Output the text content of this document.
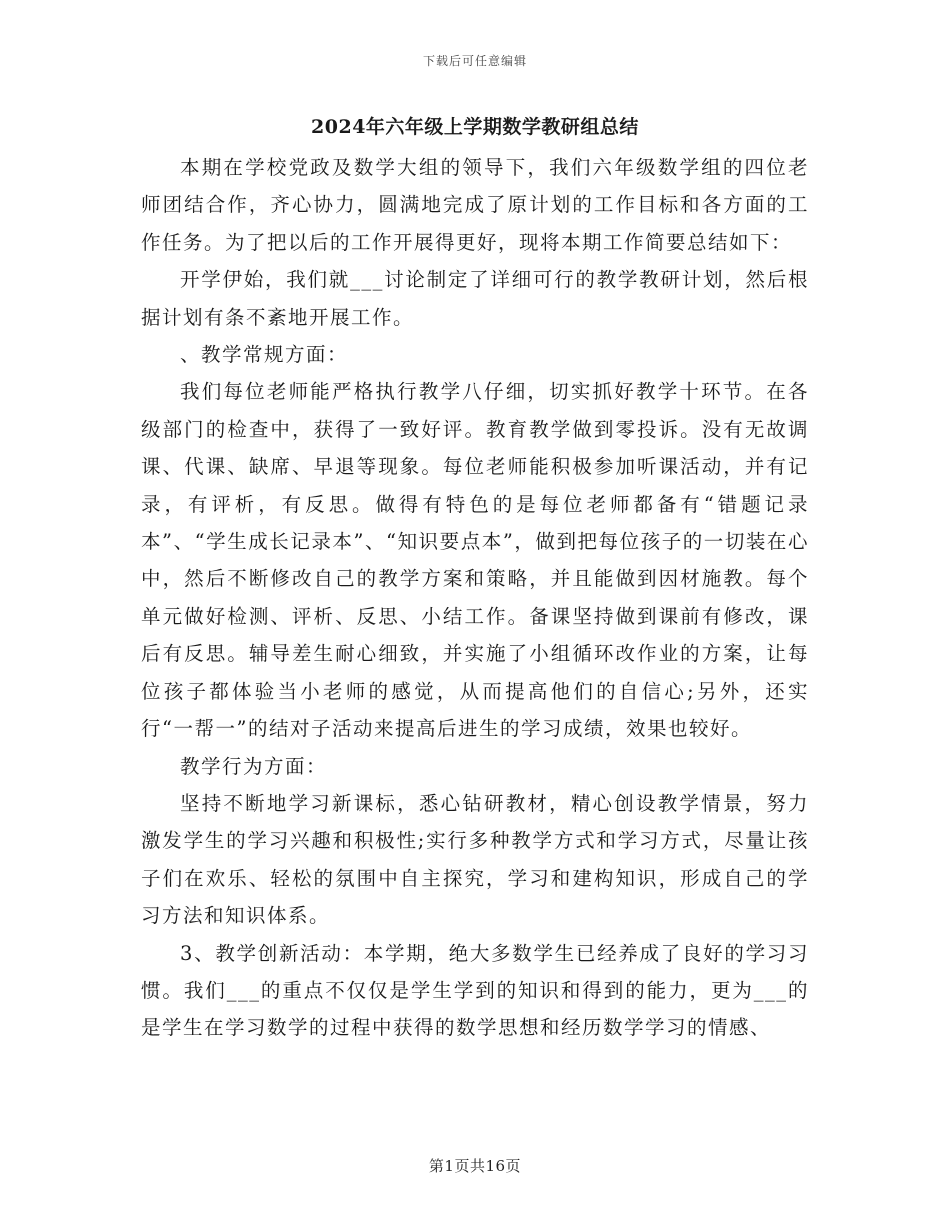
下载后可任意编辑
2024年六年级上学期数学教研组总结

本期在学校党政及数学大组的领导下，我们六年级数学组的四位老师团结合作，齐心协力，圆满地完成了原计划的工作目标和各方面的工作任务。为了把以后的工作开展得更好，现将本期工作简要总结如下：

开学伊始，我们就___讨论制定了详细可行的教学教研计划，然后根据计划有条不紊地开展工作。

、教学常规方面：

我们每位老师能严格执行教学八仔细，切实抓好教学十环节。在各级部门的检查中，获得了一致好评。教育教学做到零投诉。没有无故调课、代课、缺席、早退等现象。每位老师能积极参加听课活动，并有记录，有评析，有反思。做得有特色的是每位老师都备有“错题记录本”、“学生成长记录本”、“知识要点本”，做到把每位孩子的一切装在心中，然后不断修改自己的教学方案和策略，并且能做到因材施教。每个单元做好检测、评析、反思、小结工作。备课坚持做到课前有修改，课后有反思。辅导差生耐心细致，并实施了小组循环改作业的方案，让每位孩子都体验当小老师的感觉，从而提高他们的自信心;另外，还实行“一帮一”的结对子活动来提高后进生的学习成绩，效果也较好。

教学行为方面：

坚持不断地学习新课标，悉心钻研教材，精心创设教学情景，努力激发学生的学习兴趣和积极性;实行多种教学方式和学习方式，尽量让孩子们在欢乐、轻松的氛围中自主探究，学习和建构知识，形成自己的学习方法和知识体系。

3、教学创新活动：本学期，绝大多数学生已经养成了良好的学习习惯。我们___的重点不仅仅是学生学到的知识和得到的能力，更为___的是学生在学习数学的过程中获得的数学思想和经历数学学习的情感、

第1页共16页
